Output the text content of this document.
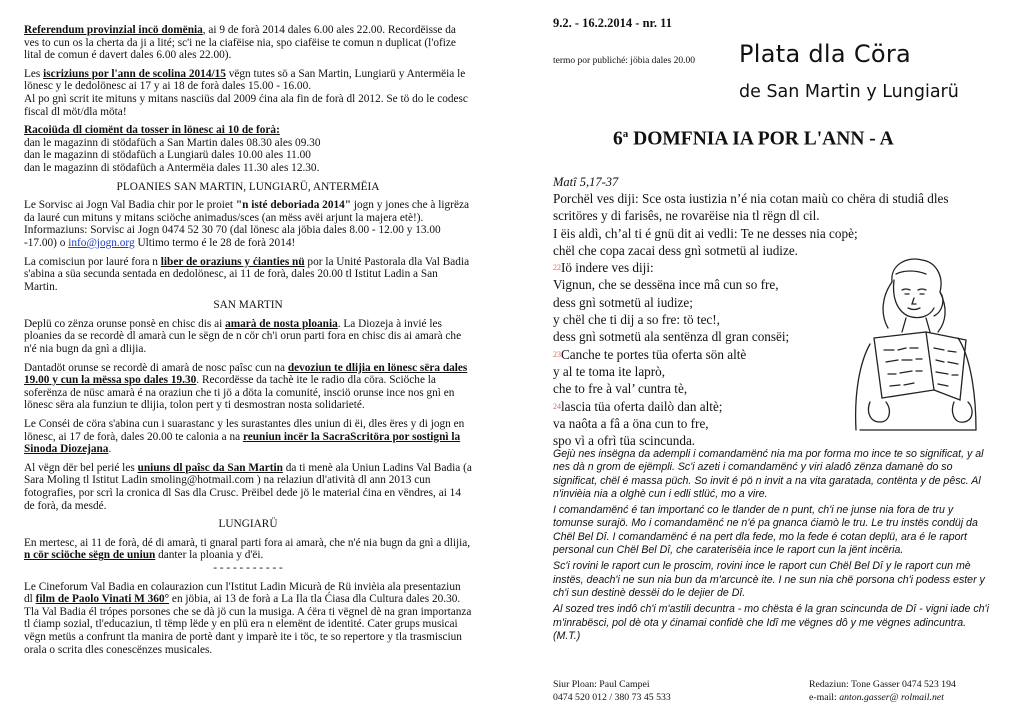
Referendum provinzial incö domënia, ai 9 de forà 2014 dales 6.00 ales 22.00. Recordëisse da ves to cun os la cherta da ji a lité; sc'i ne la ciafëise nia, spo ciafëise te comun n duplicat (l'ofize lital de comun é davert dales 6.00 ales 22.00).

Les iscriziuns por l'ann de scolina 2014/15 vëgn tutes sö a San Martin, Lungiarü y Antermëia le lönesc y le dedolönesc ai 17 y ai 18 de forà dales 15.00 - 16.00.
Al po gnì scrit ite mituns y mitans nasciüs dal 2009 ćina ala fin de forà dl 2012. Se tö do le codesc fiscal dl möt/dla möta!

Racoiüda dl ciomënt da tosser in lönesc ai 10 de forà:
dan le magazinn di stödafüch a San Martin dales 08.30 ales 09.30
dan le magazinn di stödafüch a Lungiarü dales 10.00 ales 11.00
dan le magazinn di stödafüch a Antermëia dales 11.30 ales 12.30.

PLOANIES SAN MARTIN, LUNGIARÜ, ANTERMËIA

Le Sorvisc ai Jogn Val Badia chir por le proiet "n isté deboriada 2014" jogn y jones che à ligrëza da lauré cun mituns y mitans sciöche animadus/sces (an mëss avëi arjunt la majera etè!). Informaziuns: Sorvisc ai Jogn 0474 52 30 70 (dal lönesc ala jöbia dales 8.00 - 12.00 y 13.00 -17.00) o info@jogn.org Ultimo termo é le 28 de forà 2014!

La comisciun por lauré fora n liber de oraziuns y ćianties nü por la Unité Pastorala dla Val Badia s'abina a süa secunda sentada en dedolönesc, ai 11 de forà, dales 20.00 tl Istitut Ladin a San Martin.

SAN MARTIN

Deplü co zënza orunse ponsè en chisc dis ai amarà de nosta ploania. La Diozeja à invié les ploanies da se recordè dl amarà cun le sëgn de n cör ch'i orun parti fora en chisc dis ai amarà che n'é nia bugn da gnì a dlijia.

Dantadöt orunse se recordè di amarà de nosc paîsc cun na devoziun te dlijia en lönesc sëra dales 19.00 y cun la mëssa spo dales 19.30. Recordësse da tachè ite le radio dla cöra. Sciöche la soferënza de nüsc amarà é na oraziun che ti jö a döta la comunité, insciö orunse ince nos gnì en lönesc sëra ala funziun te dlijia, tolon pert y ti desmostran nosta solidarieté.

Le Conséi de cöra s'abina cun i suarastanc y les surastantes dles uniun di ëi, dles ëres y di jogn en lönesc, ai 17 de forà, dales 20.00 te calonia a na reuniun incër la SacraScritöra por sostignì la Sinoda Diozejana.

Al vëgn dër bel perié les uniuns dl paîsc da San Martin da ti menè ala Uniun Ladins Val Badia (a Sara Moling tl Istitut Ladin smoling@hotmail.com ) na relaziun dl'atività dl ann 2013 cun fotografies, por scrì la cronica dl Sas dla Crusc. Prëibel dede jö le material ćina en vëndres, ai 14 de forà, da mesdé.

LUNGIARÜ

En mertesc, ai 11 de forà, dé di amarà, ti gnaral parti fora ai amarà, che n'é nia bugn da gnì a dlijia, n cör sciöche sëgn de uniun danter la ploania y d'ëi.

- - - - - - - - - - -

Le Cineforum Val Badia en colaurazion cun l'Istitut Ladin Micurà de Rü invièia ala presentaziun dl film de Paolo Vinati M 360° en jöbia, ai 13 de forà a La Ila tla Ćiasa dla Cultura dales 20.30. Tla Val Badia él trópes porsones che se dà jö cun la musiga. A ćëra ti vëgnel dè na gran importanza tl ćiamp sozial, tl'educaziun, tl tëmp lëde y en plü era n elemënt de identité. Cater grups musicai vëgn metüs a confrunt tla manira de portè dant y imparè ite i töc, te so repertore y tla trasmisciun orala o scrita dles conescënzes musicales.

9.2. - 16.2.2014 - nr. 11
termo por publiché: jöbia dales 20.00 Plata dla Cöra
de San Martin y Lungiarü
6$^a$ DOMFNIA IA POR L'ANN - A
Matî 5,17-37
Porchël ves diji: Sce osta iustizia n’é nia cotan maiù co chëra di studiâ dles
scritöres y di farisês, ne rovarëise nia tl rëgn dl cil.
I ëis aldì, ch’al ti é gnü dit ai vedli: Te ne desses nia copè;
chël che copa zacai dess gnì sotmetü al iudize.
$^{22}$Iö indere ves diji:
Vignun, che se dessëna ince mâ cun so fre,
dess gnì sotmetü al iudize;
y chël che ti dij a so fre: tö tec!,
dess gnì sotmetü ala sentënza dl gran consëi;
$^{23}$Canche te portes tüa oferta sön altè
y al te toma ite laprò,
che to fre à val’ cuntra tè,
$^{24}$lascia tüa oferta dailò dan altè;
va naôta a fâ a öna cun to fre,
spo vì a ofrì tüa scincunda.

Gejù nes insëgna da adempli i comandamënć nia ma por forma mo ince te so significat, y al nes dà n grom de ejëmpli. Sc'i azeti i comandamënć y viri aladô zënza damanè do so significat, chël é massa püch. So invit é pö n invit a na vita garatada, contënta y de pêsc. Al n'invièia nia a olghè cun i edli stlüć, mo a vire.

I comandamënć é tan importanć co le tlander de n punt, ch'i ne junse nia fora de tru y tomunse surajö. Mo i comandamënć ne n'é pa gnanca ćiamò le tru. Le tru instës condüj da Chël Bel Dî. I comandamënć é na pert dla fede, mo la fede é cotan deplü, ara é le raport personal cun Chël Bel Dî, che caraterisëia ince le raport cun la jënt incëria.

Sc'i rovini le raport cun le proscim, rovini ince le raport cun Chël Bel Dî y le raport cun mè instës, deach'i ne sun nia bun da m'arcuncè ite. I ne sun nia chë porsona ch'i podess ester y ch'i sun destinè dessëi do le dejier de Dî.

Al sozed tres indô ch'i m'astili decuntra - mo chësta é la gran scincunda de Dî - vigni iade ch'i m'inrabësci, pol dè ota y ćinamai confidè che Idî me vëgnes dô y me vëgnes adincuntra. (M.T.)

Siur Ploan: Paul Campei
0474 520 012 / 380 73 45 533
Redaziun: Tone Gasser 0474 523 194
e-mail: anton.gasser@ rolmail.net
